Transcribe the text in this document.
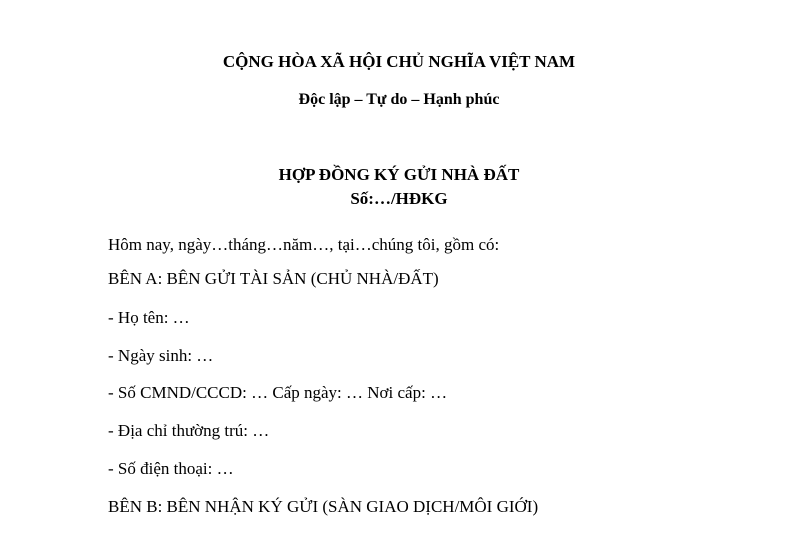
CỘNG HÒA XÃ HỘI CHỦ NGHĨA VIỆT NAM
Độc lập – Tự do – Hạnh phúc
HỢP ĐỒNG KÝ GỬI NHÀ ĐẤT
Số:…/HĐKG
Hôm nay, ngày…tháng…năm…, tại…chúng tôi, gồm có:
BÊN A: BÊN GỬI TÀI SẢN (CHỦ NHÀ/ĐẤT)
- Họ tên: …
- Ngày sinh: …
- Số CMND/CCCD: … Cấp ngày: … Nơi cấp: …
- Địa chỉ thường trú: …
- Số điện thoại: …
BÊN B: BÊN NHẬN KÝ GỬI (SÀN GIAO DỊCH/MÔI GIỚI)
